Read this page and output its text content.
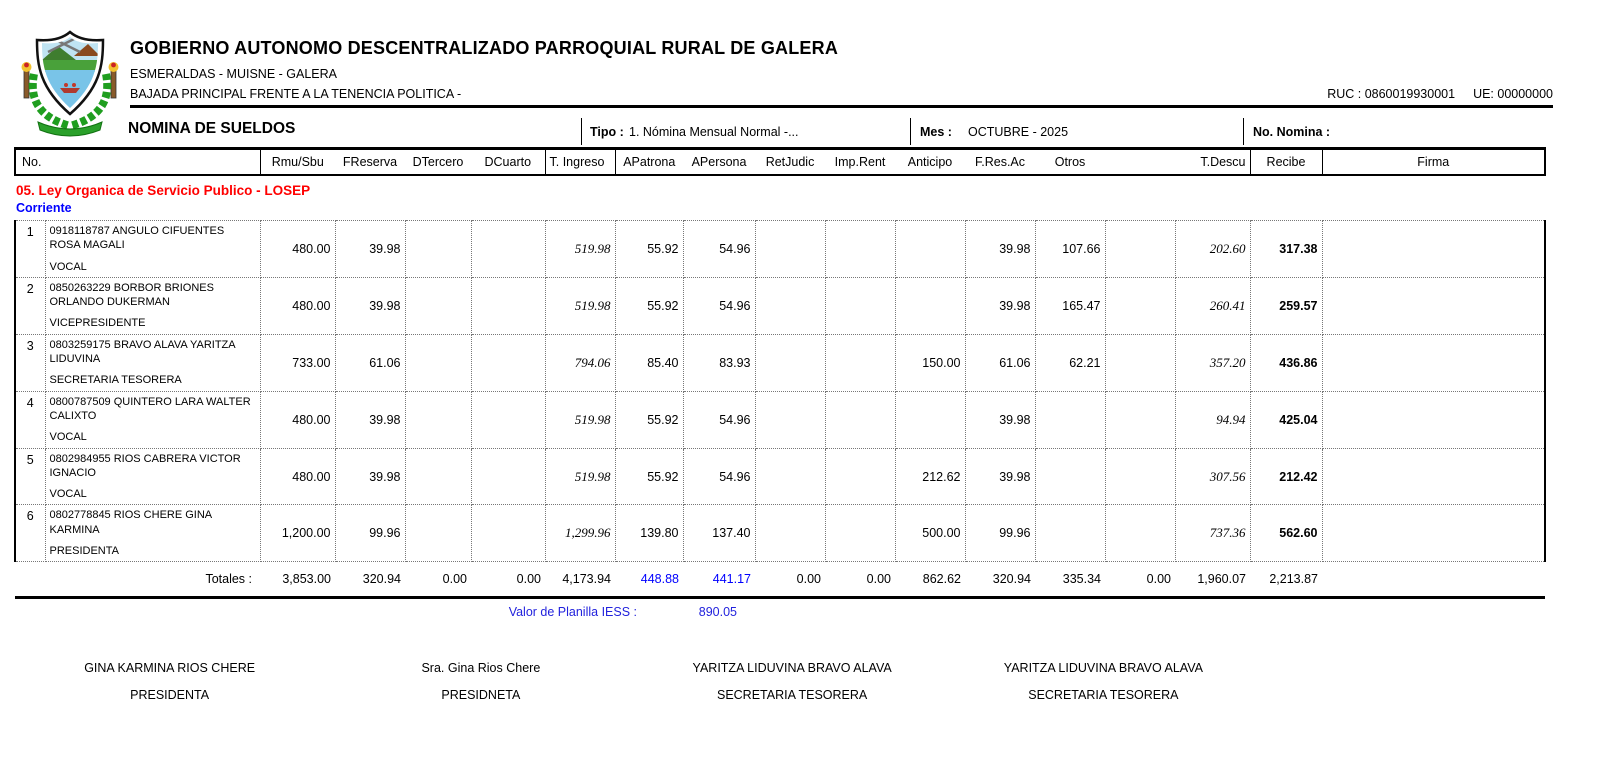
GOBIERNO AUTONOMO DESCENTRALIZADO PARROQUIAL RURAL DE GALERA
ESMERALDAS - MUISNE - GALERA
BAJADA PRINCIPAL FRENTE A LA TENENCIA POLITICA -	RUC : 0860019930001 UE: 00000000
NOMINA DE SUELDOS	Tipo : 1. Nómina Mensual Normal -...	Mes : OCTUBRE - 2025	No. Nomina :
No.	Rmu/Sbu	FReserva	DTercero	DCuarto	T. Ingreso	APatrona	APersona	RetJudic	Imp.Rent	Anticipo	F.Res.Ac	Otros		T.Descu	Recibe	Firma
05. Ley Organica de Servicio Publico - LOSEP
Corriente
1	0918118787 ANGULO CIFUENTES ROSA MAGALI
VOCAL	480.00	39.98			519.98	55.92	54.96				39.98	107.66		202.60	317.38	
2	0850263229 BORBOR BRIONES ORLANDO DUKERMAN
VICEPRESIDENTE	480.00	39.98			519.98	55.92	54.96				39.98	165.47		260.41	259.57	
3	0803259175 BRAVO ALAVA YARITZA LIDUVINA
SECRETARIA TESORERA	733.00	61.06			794.06	85.40	83.93			150.00	61.06	62.21		357.20	436.86	
4	0800787509 QUINTERO LARA WALTER CALIXTO
VOCAL	480.00	39.98			519.98	55.92	54.96				39.98			94.94	425.04	
5	0802984955 RIOS CABRERA VICTOR IGNACIO
VOCAL	480.00	39.98			519.98	55.92	54.96			212.62	39.98			307.56	212.42	
6	0802778845 RIOS CHERE GINA KARMINA
PRESIDENTA	1,200.00	99.96			1,299.96	139.80	137.40			500.00	99.96			737.36	562.60	
Totales :		3,853.00	320.94	0.00	0.00	4,173.94	448.88	441.17	0.00	0.00	862.62	320.94	335.34	0.00	1,960.07	2,213.87	
Valor de Planilla IESS :	890.05
GINA KARMINA RIOS CHERE
PRESIDENTA
Sra. Gina Rios Chere
PRESIDNETA
YARITZA LIDUVINA BRAVO ALAVA
SECRETARIA TESORERA
YARITZA LIDUVINA BRAVO ALAVA
SECRETARIA TESORERA
